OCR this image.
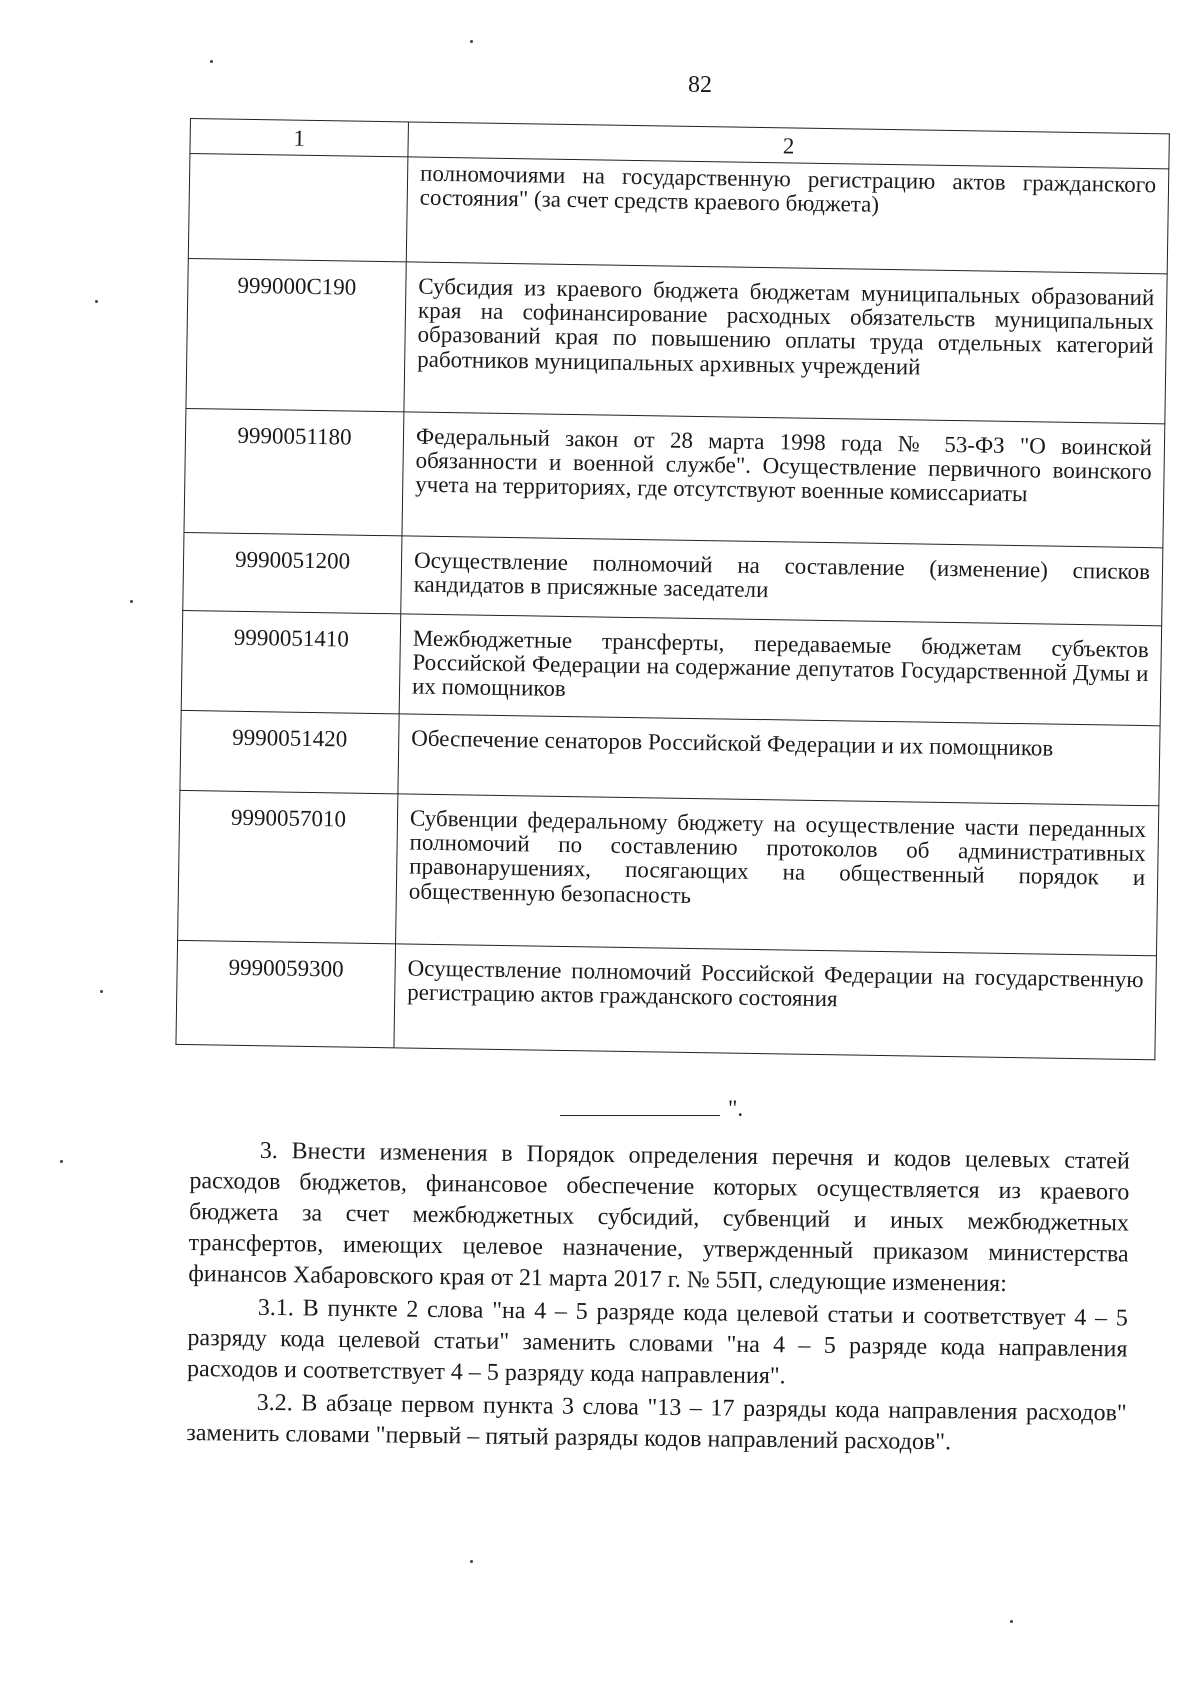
82
1	2
	полномочиями на государственную регистрацию актов гражданского состояния" (за счет средств краевого бюджета)
999000С190	Субсидия из краевого бюджета бюджетам муниципальных образований края на софинансирование расходных обязательств муниципальных образований края по повышению оплаты труда отдельных категорий работников муниципальных архивных учреждений
9990051180	Федеральный закон от 28 марта 1998 года № 53-ФЗ "О воинской обязанности и военной службе". Осуществление первичного воинского учета на территориях, где отсутствуют военные комиссариаты
9990051200	Осуществление полномочий на составление (изменение) списков кандидатов в присяжные заседатели
9990051410	Межбюджетные трансферты, передаваемые бюджетам субъектов Российской Федерации на содержание депутатов Государственной Думы и их помощников
9990051420	Обеспечение сенаторов Российской Федерации и их помощников
9990057010	Субвенции федеральному бюджету на осуществление части переданных полномочий по составлению протоколов об административных правонарушениях, посягающих на общественный порядок и общественную безопасность
9990059300	Осуществление полномочий Российской Федерации на государственную регистрацию актов гражданского состояния
".

3. Внести изменения в Порядок определения перечня и кодов целевых статей расходов бюджетов, финансовое обеспечение которых осуществляется из краевого бюджета за счет межбюджетных субсидий, субвенций и иных межбюджетных трансфертов, имеющих целевое назначение, утвержденный приказом министерства финансов Хабаровского края от 21 марта 2017 г. № 55П, следующие изменения:

3.1. В пункте 2 слова "на 4 – 5 разряде кода целевой статьи и соответствует 4 – 5 разряду кода целевой статьи" заменить словами "на 4 – 5 разряде кода направления расходов и соответствует 4 – 5 разряду кода направления".

3.2. В абзаце первом пункта 3 слова "13 – 17 разряды кода направления расходов" заменить словами "первый – пятый разряды кодов направлений расходов".
